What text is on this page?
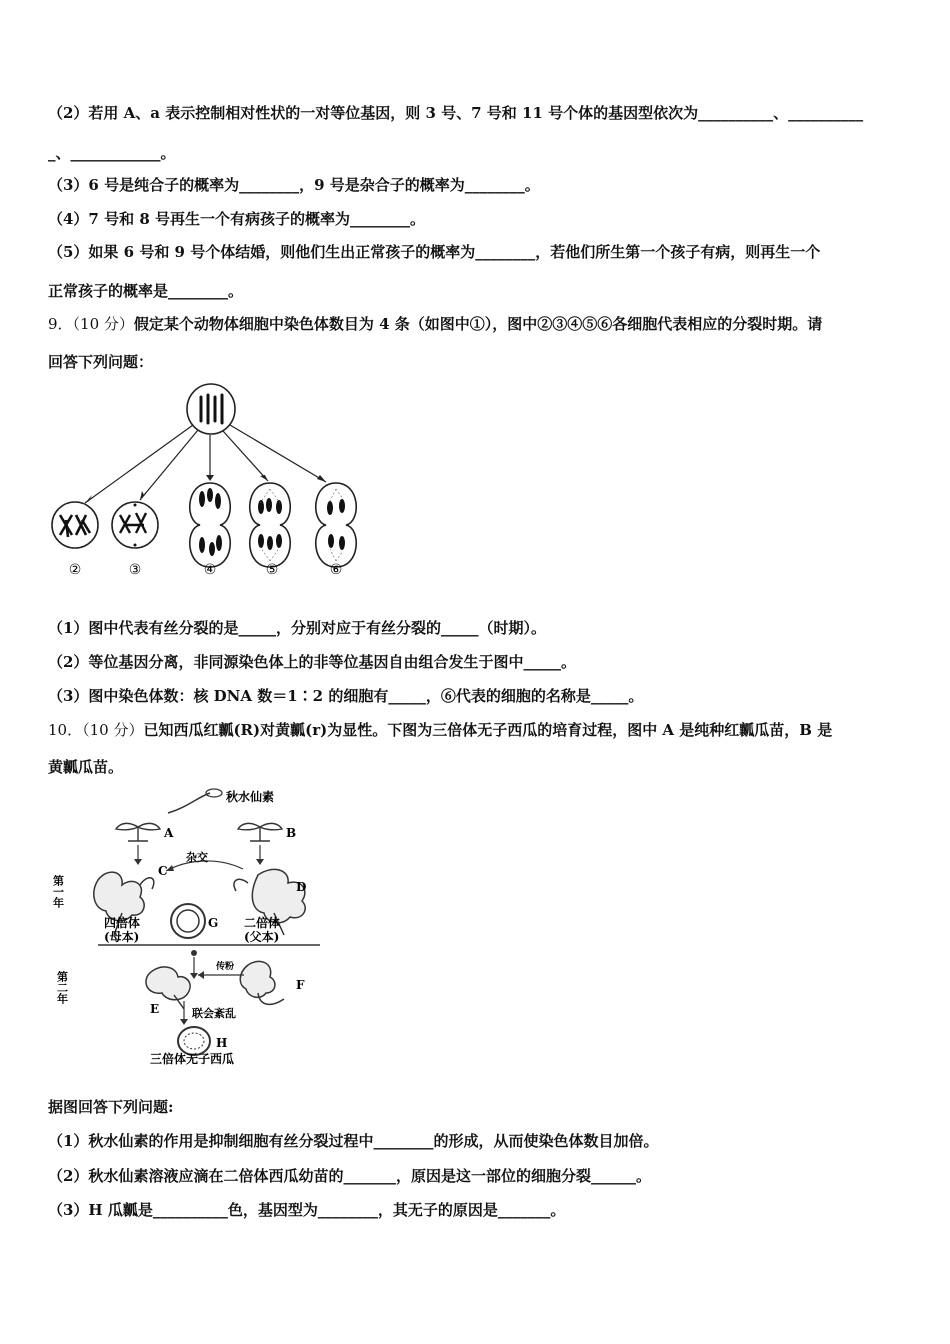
（2）若用 A、a 表示控制相对性状的一对等位基因，则 3 号、7 号和 11 号个体的基因型依次为__________、__________
_、____________。
（3）6 号是纯合子的概率为________，9 号是杂合子的概率为________。
（4）7 号和 8 号再生一个有病孩子的概率为________。
（5）如果 6 号和 9 号个体结婚，则他们生出正常孩子的概率为________，若他们所生第一个孩子有病，则再生一个
正常孩子的概率是________。
9．（10 分）假定某个动物体细胞中染色体数目为 4 条（如图中①），图中②③④⑤⑥各细胞代表相应的分裂时期。请
回答下列问题：
②	③	④	⑤	⑥
（1）图中代表有丝分裂的是_____，分别对应于有丝分裂的_____（时期）。
（2）等位基因分离，非同源染色体上的非等位基因自由组合发生于图中_____。
（3）图中染色体数：核 DNA 数＝1∶2 的细胞有_____，⑥代表的细胞的名称是_____。
10．（10 分）已知西瓜红瓤(R)对黄瓤(r)为显性。下图为三倍体无子西瓜的培育过程，图中 A 是纯种红瓤瓜苗，B 是
黄瓤瓜苗。
秋水仙素
A	B
杂交
C
D
G
第一年
四倍体
(母本)
二倍体
(父本)
第二年
E
F
传粉
联会紊乱
H
三倍体无子西瓜
据图回答下列问题:
（1）秋水仙素的作用是抑制细胞有丝分裂过程中________的形成，从而使染色体数目加倍。
（2）秋水仙素溶液应滴在二倍体西瓜幼苗的_______，原因是这一部位的细胞分裂______。
（3）H 瓜瓤是__________色，基因型为________，其无子的原因是_______。
